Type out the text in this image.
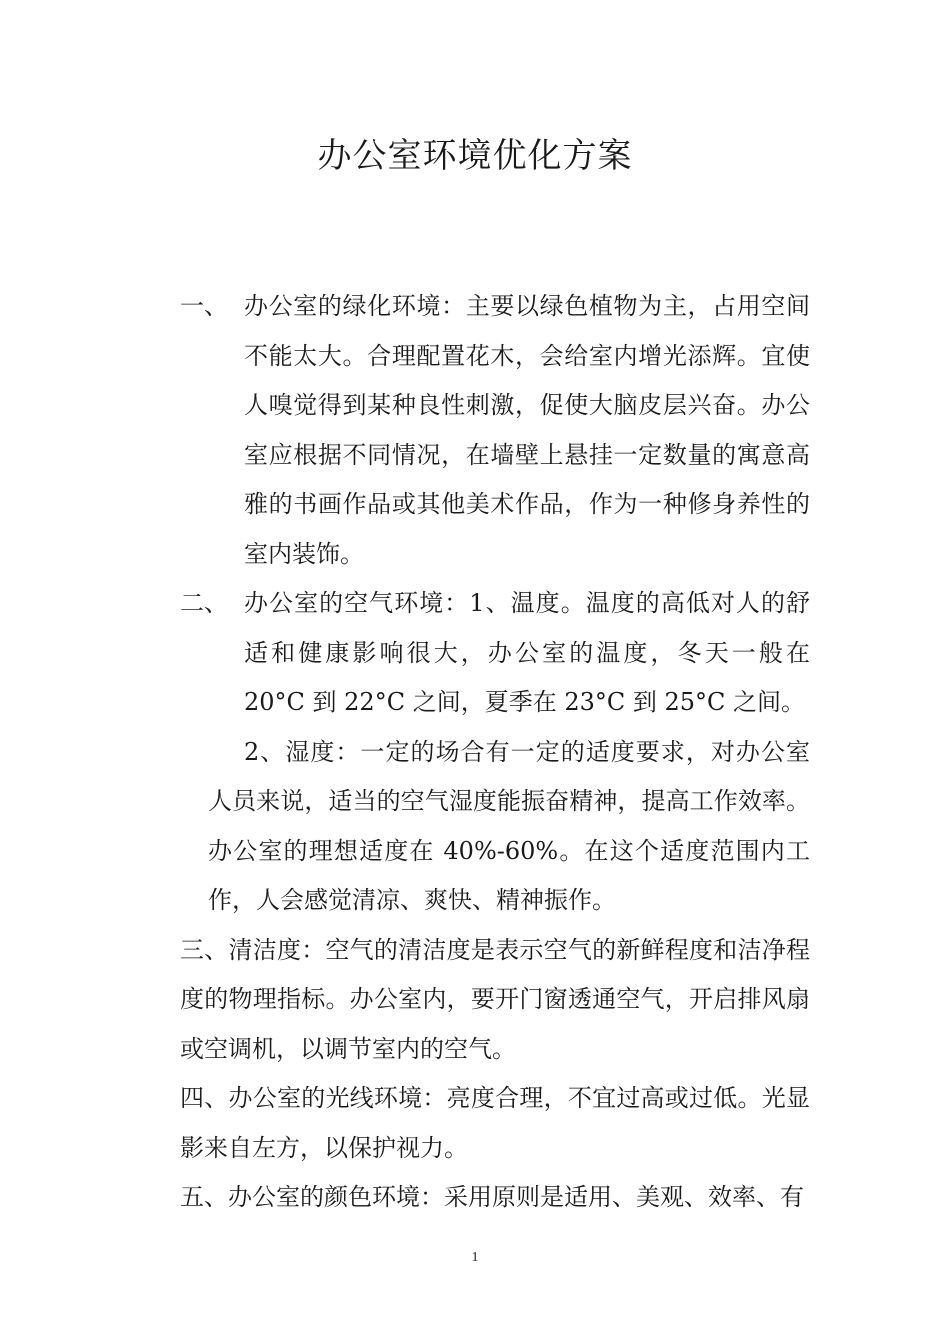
办公室环境优化方案
一、 办公室的绿化环境：主要以绿色植物为主，占用空间不能太大。合理配置花木，会给室内增光添辉。宜使人嗅觉得到某种良性刺激，促使大脑皮层兴奋。办公室应根据不同情况，在墙壁上悬挂一定数量的寓意高雅的书画作品或其他美术作品，作为一种修身养性的室内装饰。

二、 办公室的空气环境：1、温度。温度的高低对人的舒适和健康影响很大，办公室的温度，冬天一般在 20°C 到 22°C 之间，夏季在 23°C 到 25°C 之间。

2、湿度：一定的场合有一定的适度要求，对办公室人员来说，适当的空气湿度能振奋精神，提高工作效率。办公室的理想适度在 40%-60%。在这个适度范围内工作，人会感觉清凉、爽快、精神振作。

三、清洁度：空气的清洁度是表示空气的新鲜程度和洁净程度的物理指标。办公室内，要开门窗透通空气，开启排风扇或空调机，以调节室内的空气。

四、办公室的光线环境：亮度合理，不宜过高或过低。光显影来自左方，以保护视力。

五、办公室的颜色环境：采用原则是适用、美观、效率、有

1
